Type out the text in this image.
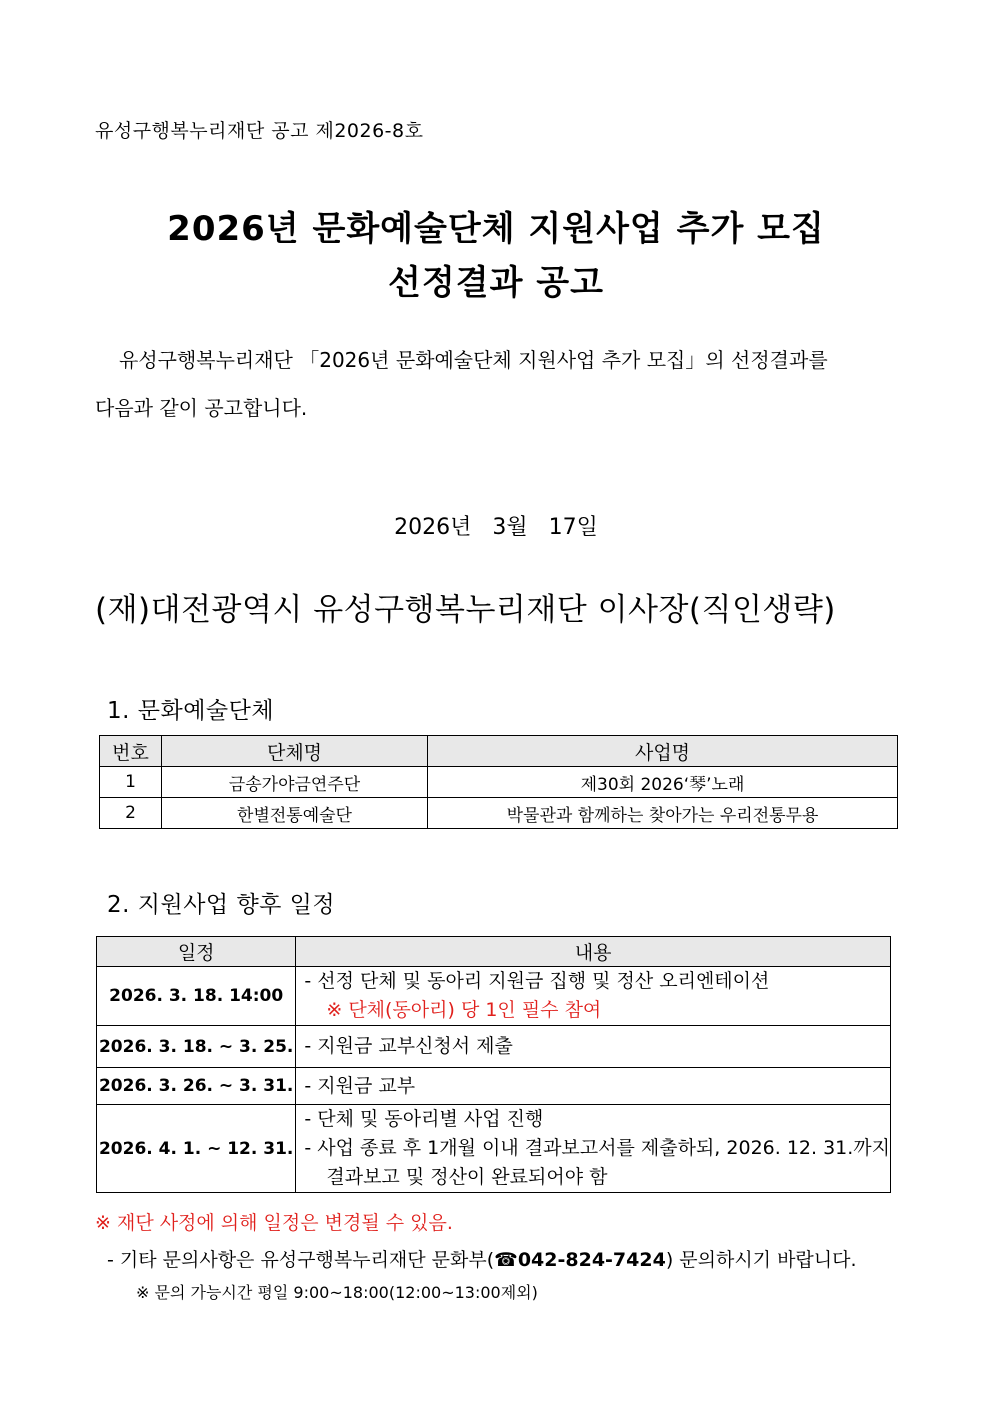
유성구행복누리재단 공고 제2026-8호
2026년 문화예술단체 지원사업 추가 모집
선정결과 공고
유성구행복누리재단 「2026년 문화예술단체 지원사업 추가 모집」의 선정결과를
다음과 같이 공고합니다.
2026년 3월 17일
(재)대전광역시 유성구행복누리재단 이사장(직인생략)
1. 문화예술단체
번호	단체명	사업명
1	금송가야금연주단	제30회 2026‘琴’노래
2	한별전통예술단	박물관과 함께하는 찾아가는 우리전통무용
2. 지원사업 향후 일정
일정	내용
2026. 3. 18. 14:00	- 선정 단체 및 동아리 지원금 집행 및 정산 오리엔테이션
※ 단체(동아리) 당 1인 필수 참여

2026. 3. 18. ~ 3. 25.	- 지원금 교부신청서 제출

2026. 3. 26. ~ 3. 31.	- 지원금 교부

2026. 4. 1. ~ 12. 31.	- 단체 및 동아리별 사업 진행
- 사업 종료 후 1개월 이내 결과보고서를 제출하되, 2026. 12. 31.까지
결과보고 및 정산이 완료되어야 함
※ 재단 사정에 의해 일정은 변경될 수 있음.
- 기타 문의사항은 유성구행복누리재단 문화부(☎042-824-7424) 문의하시기 바랍니다.
※ 문의 가능시간 평일 9:00~18:00(12:00~13:00제외)
